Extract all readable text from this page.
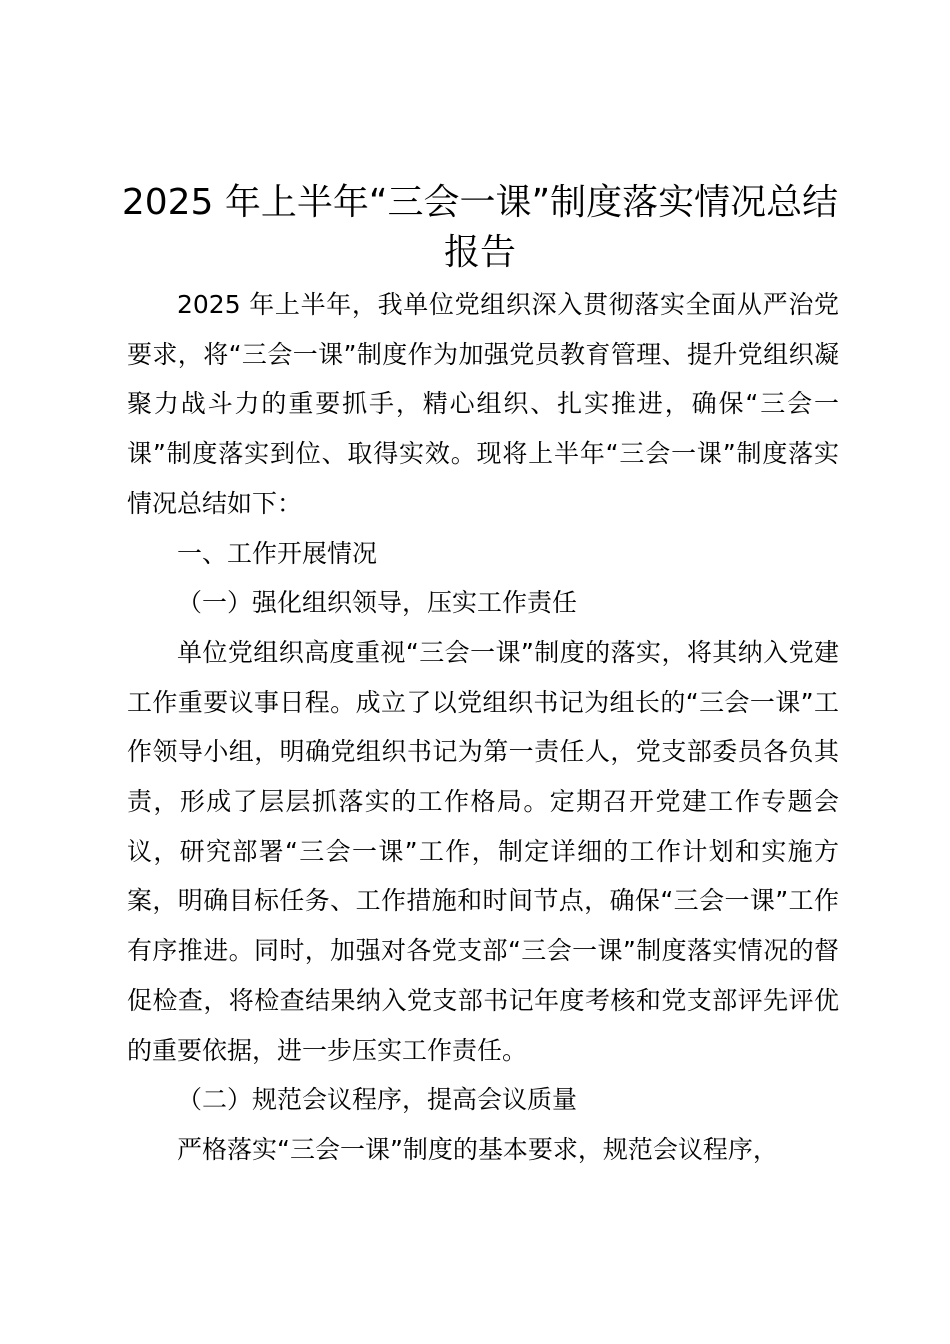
2025 年上半年“三会一课”制度落实情况总结报告

2025 年上半年，我单位党组织深入贯彻落实全面从严治党要求，将“三会一课”制度作为加强党员教育管理、提升党组织凝聚力战斗力的重要抓手，精心组织、扎实推进，确保“三会一课”制度落实到位、取得实效。现将上半年“三会一课”制度落实情况总结如下：

一、工作开展情况

（一）强化组织领导，压实工作责任

单位党组织高度重视“三会一课”制度的落实，将其纳入党建工作重要议事日程。成立了以党组织书记为组长的“三会一课”工作领导小组，明确党组织书记为第一责任人，党支部委员各负其责，形成了层层抓落实的工作格局。定期召开党建工作专题会议，研究部署“三会一课”工作，制定详细的工作计划和实施方案，明确目标任务、工作措施和时间节点，确保“三会一课”工作有序推进。同时，加强对各党支部“三会一课”制度落实情况的督促检查，将检查结果纳入党支部书记年度考核和党支部评先评优的重要依据，进一步压实工作责任。

（二）规范会议程序，提高会议质量

严格落实“三会一课”制度的基本要求，规范会议程序，
